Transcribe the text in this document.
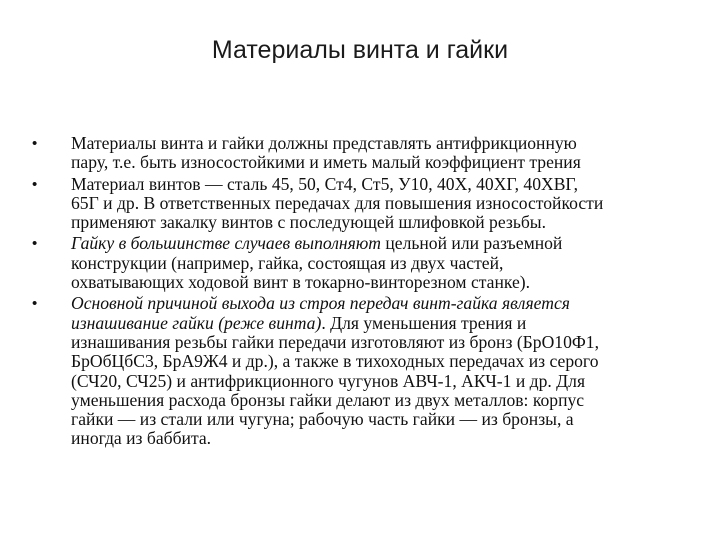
Материалы винта и гайки
•	Материалы винта и гайки должны представлять антифрикционную
пару, т.е. быть износостойкими и иметь малый коэффициент трения
•	Материал винтов — сталь 45, 50, Ст4, Ст5, У10, 40Х, 40ХГ, 40ХВГ,
65Г и др. В ответственных передачах для повышения износостойкости
применяют закалку винтов с последующей шлифовкой резьбы.
•	Гайку в большинстве случаев выполняют цельной или разъемной
конструкции (например, гайка, состоящая из двух частей,
охватывающих ходовой винт в токарно-винторезном станке).
•	Основной причиной выхода из строя передач винт-гайка является
изнашивание гайки (реже винта). Для уменьшения трения и
изнашивания резьбы гайки передачи изготовляют из бронз (БрО10Ф1,
БрОбЦбС3, БрА9Ж4 и др.), а также в тихоходных передачах из серого
(СЧ20, СЧ25) и антифрикционного чугунов АВЧ-1, АКЧ-1 и др. Для
уменьшения расхода бронзы гайки делают из двух металлов: корпус
гайки — из стали или чугуна; рабочую часть гайки — из бронзы, а
иногда из баббита.
